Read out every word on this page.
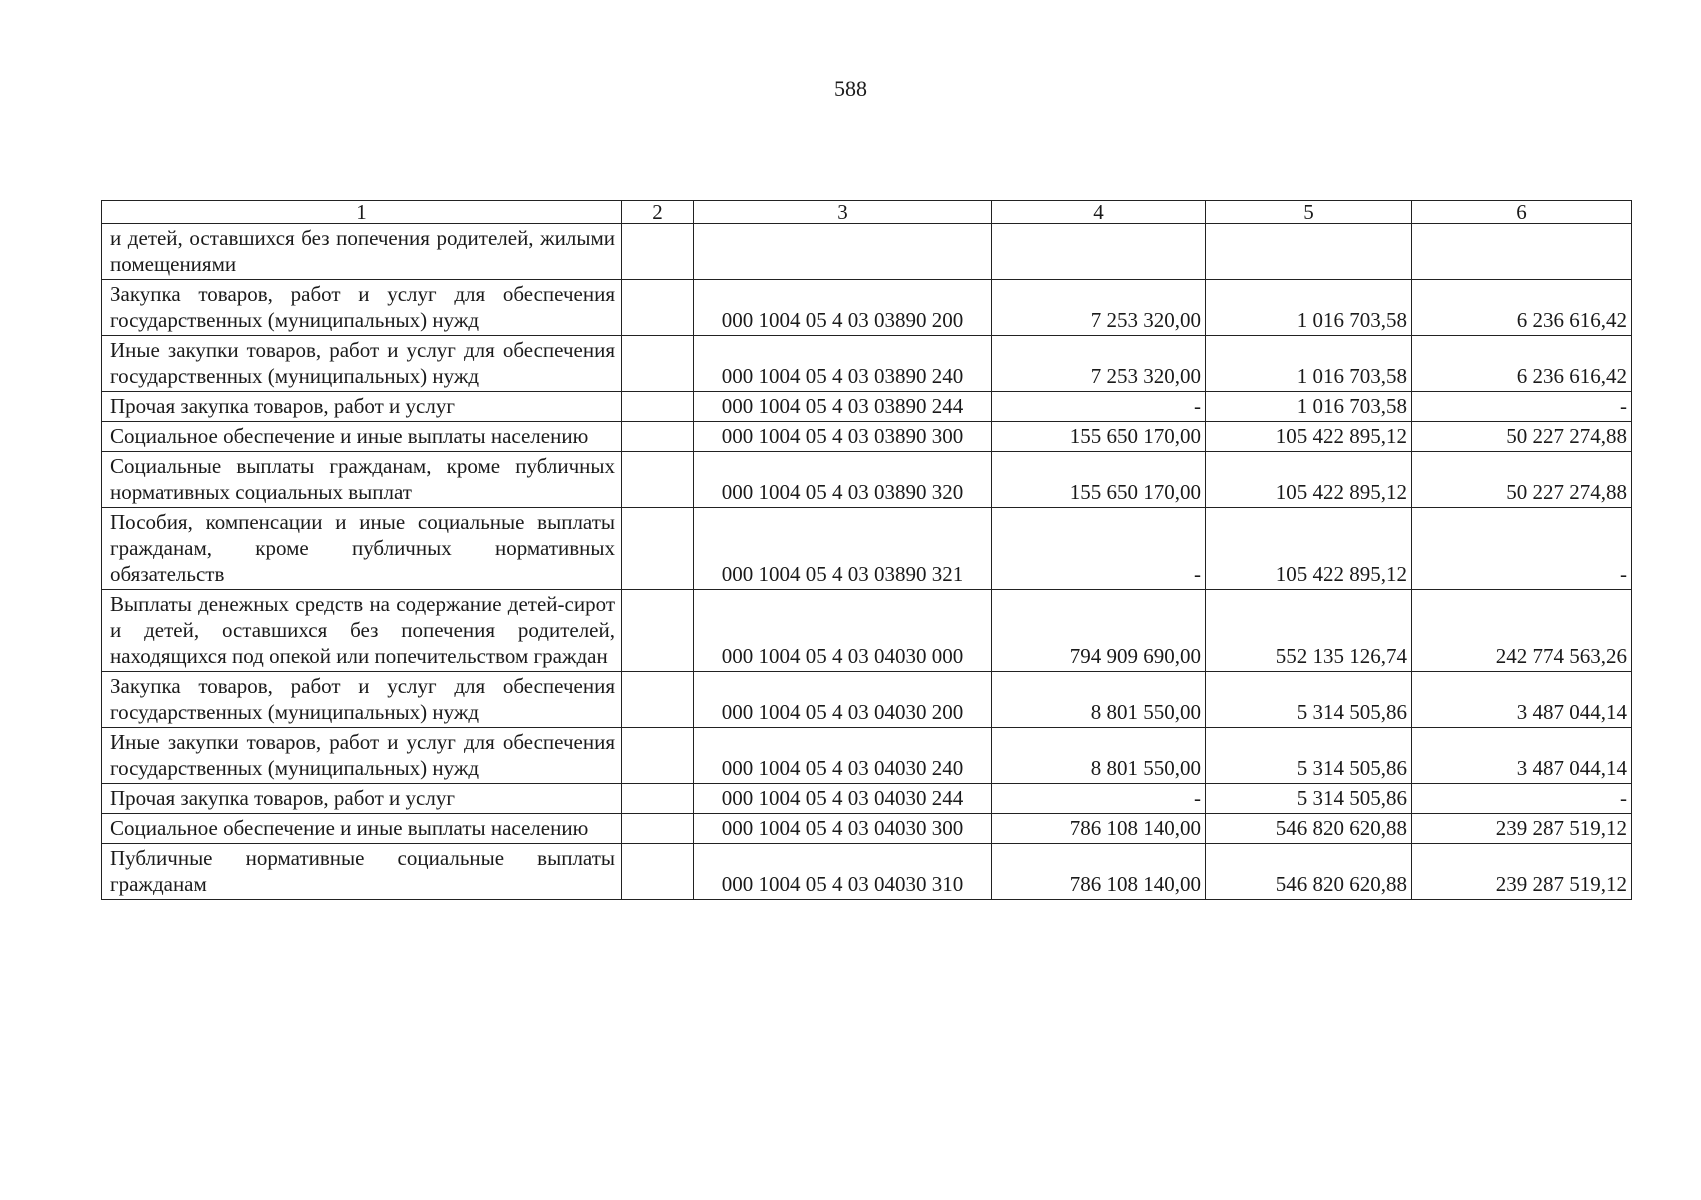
588
1	2	3	4	5	6
и детей, оставшихся без попечения родителей, жилыми помещениями					
Закупка товаров, работ и услуг для обеспечения государственных (муниципальных) нужд		000 1004 05 4 03 03890 200	7 253 320,00	1 016 703,58	6 236 616,42
Иные закупки товаров, работ и услуг для обеспечения государственных (муниципальных) нужд		000 1004 05 4 03 03890 240	7 253 320,00	1 016 703,58	6 236 616,42
Прочая закупка товаров, работ и услуг		000 1004 05 4 03 03890 244	-	1 016 703,58	-
Социальное обеспечение и иные выплаты населению		000 1004 05 4 03 03890 300	155 650 170,00	105 422 895,12	50 227 274,88
Социальные выплаты гражданам, кроме публичных нормативных социальных выплат		000 1004 05 4 03 03890 320	155 650 170,00	105 422 895,12	50 227 274,88
Пособия, компенсации и иные социальные выплаты гражданам, кроме публичных нормативных обязательств		000 1004 05 4 03 03890 321	-	105 422 895,12	-
Выплаты денежных средств на содержание детей-сирот и детей, оставшихся без попечения родителей, находящихся под опекой или попечительством граждан		000 1004 05 4 03 04030 000	794 909 690,00	552 135 126,74	242 774 563,26
Закупка товаров, работ и услуг для обеспечения государственных (муниципальных) нужд		000 1004 05 4 03 04030 200	8 801 550,00	5 314 505,86	3 487 044,14
Иные закупки товаров, работ и услуг для обеспечения государственных (муниципальных) нужд		000 1004 05 4 03 04030 240	8 801 550,00	5 314 505,86	3 487 044,14
Прочая закупка товаров, работ и услуг		000 1004 05 4 03 04030 244	-	5 314 505,86	-
Социальное обеспечение и иные выплаты населению		000 1004 05 4 03 04030 300	786 108 140,00	546 820 620,88	239 287 519,12
Публичные нормативные социальные выплаты гражданам		000 1004 05 4 03 04030 310	786 108 140,00	546 820 620,88	239 287 519,12
